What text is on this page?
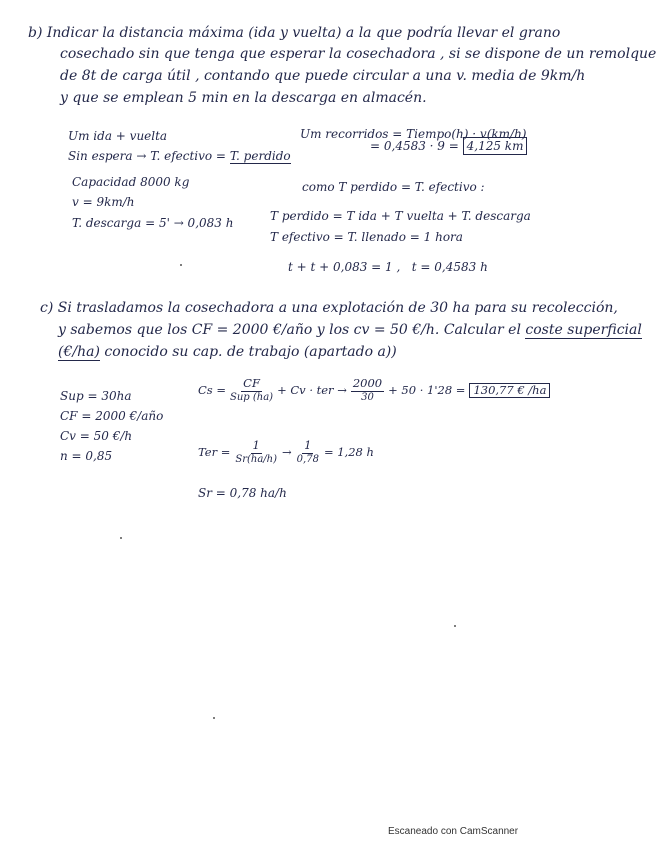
b) Indicar la distancia máxima (ida y vuelta) a la que podría llevar el grano
cosechado sin que tenga que esperar la cosechadora , si se dispone de un remolque
de 8t de carga útil , contando que puede circular a una v. media de 9km/h
y que se emplean 5 min en la descarga en almacén.
Um ida + vuelta
Sin espera → T. efectivo = T. perdido
Capacidad 8000 kg
v = 9km/h
T. descarga = 5' → 0,083 h
Um recorridos = Tiempo(h) · v(km/h)
= 0,4583 · 9 = 4,125 km
como T perdido = T. efectivo :
T perdido = T ida + T vuelta + T. descarga
T efectivo = T. llenado = 1 hora
t + t + 0,083 = 1 , t = 0,4583 h
c) Si trasladamos la cosechadora a una explotación de 30 ha para su recolección,
y sabemos que los CF = 2000 €/año y los cv = 50 €/h. Calcular el coste superficial
(€/ha) conocido su cap. de trabajo (apartado a))
Sup = 30ha
CF = 2000 €/año
Cv = 50 €/h
n = 0,85
$Cs = \frac{CF}{\text{Sup (ha)}} + Cv$ · ter → $\frac{2000}{30} + 50 \cdot 1'28 = 130,77$ € /ha
Ter = $\frac{1}{Sr(ha/h)} \to \frac{1}{0,78} = 1,28$ h
Sr = 0,78 ha/h
Escaneado con CamScanner
